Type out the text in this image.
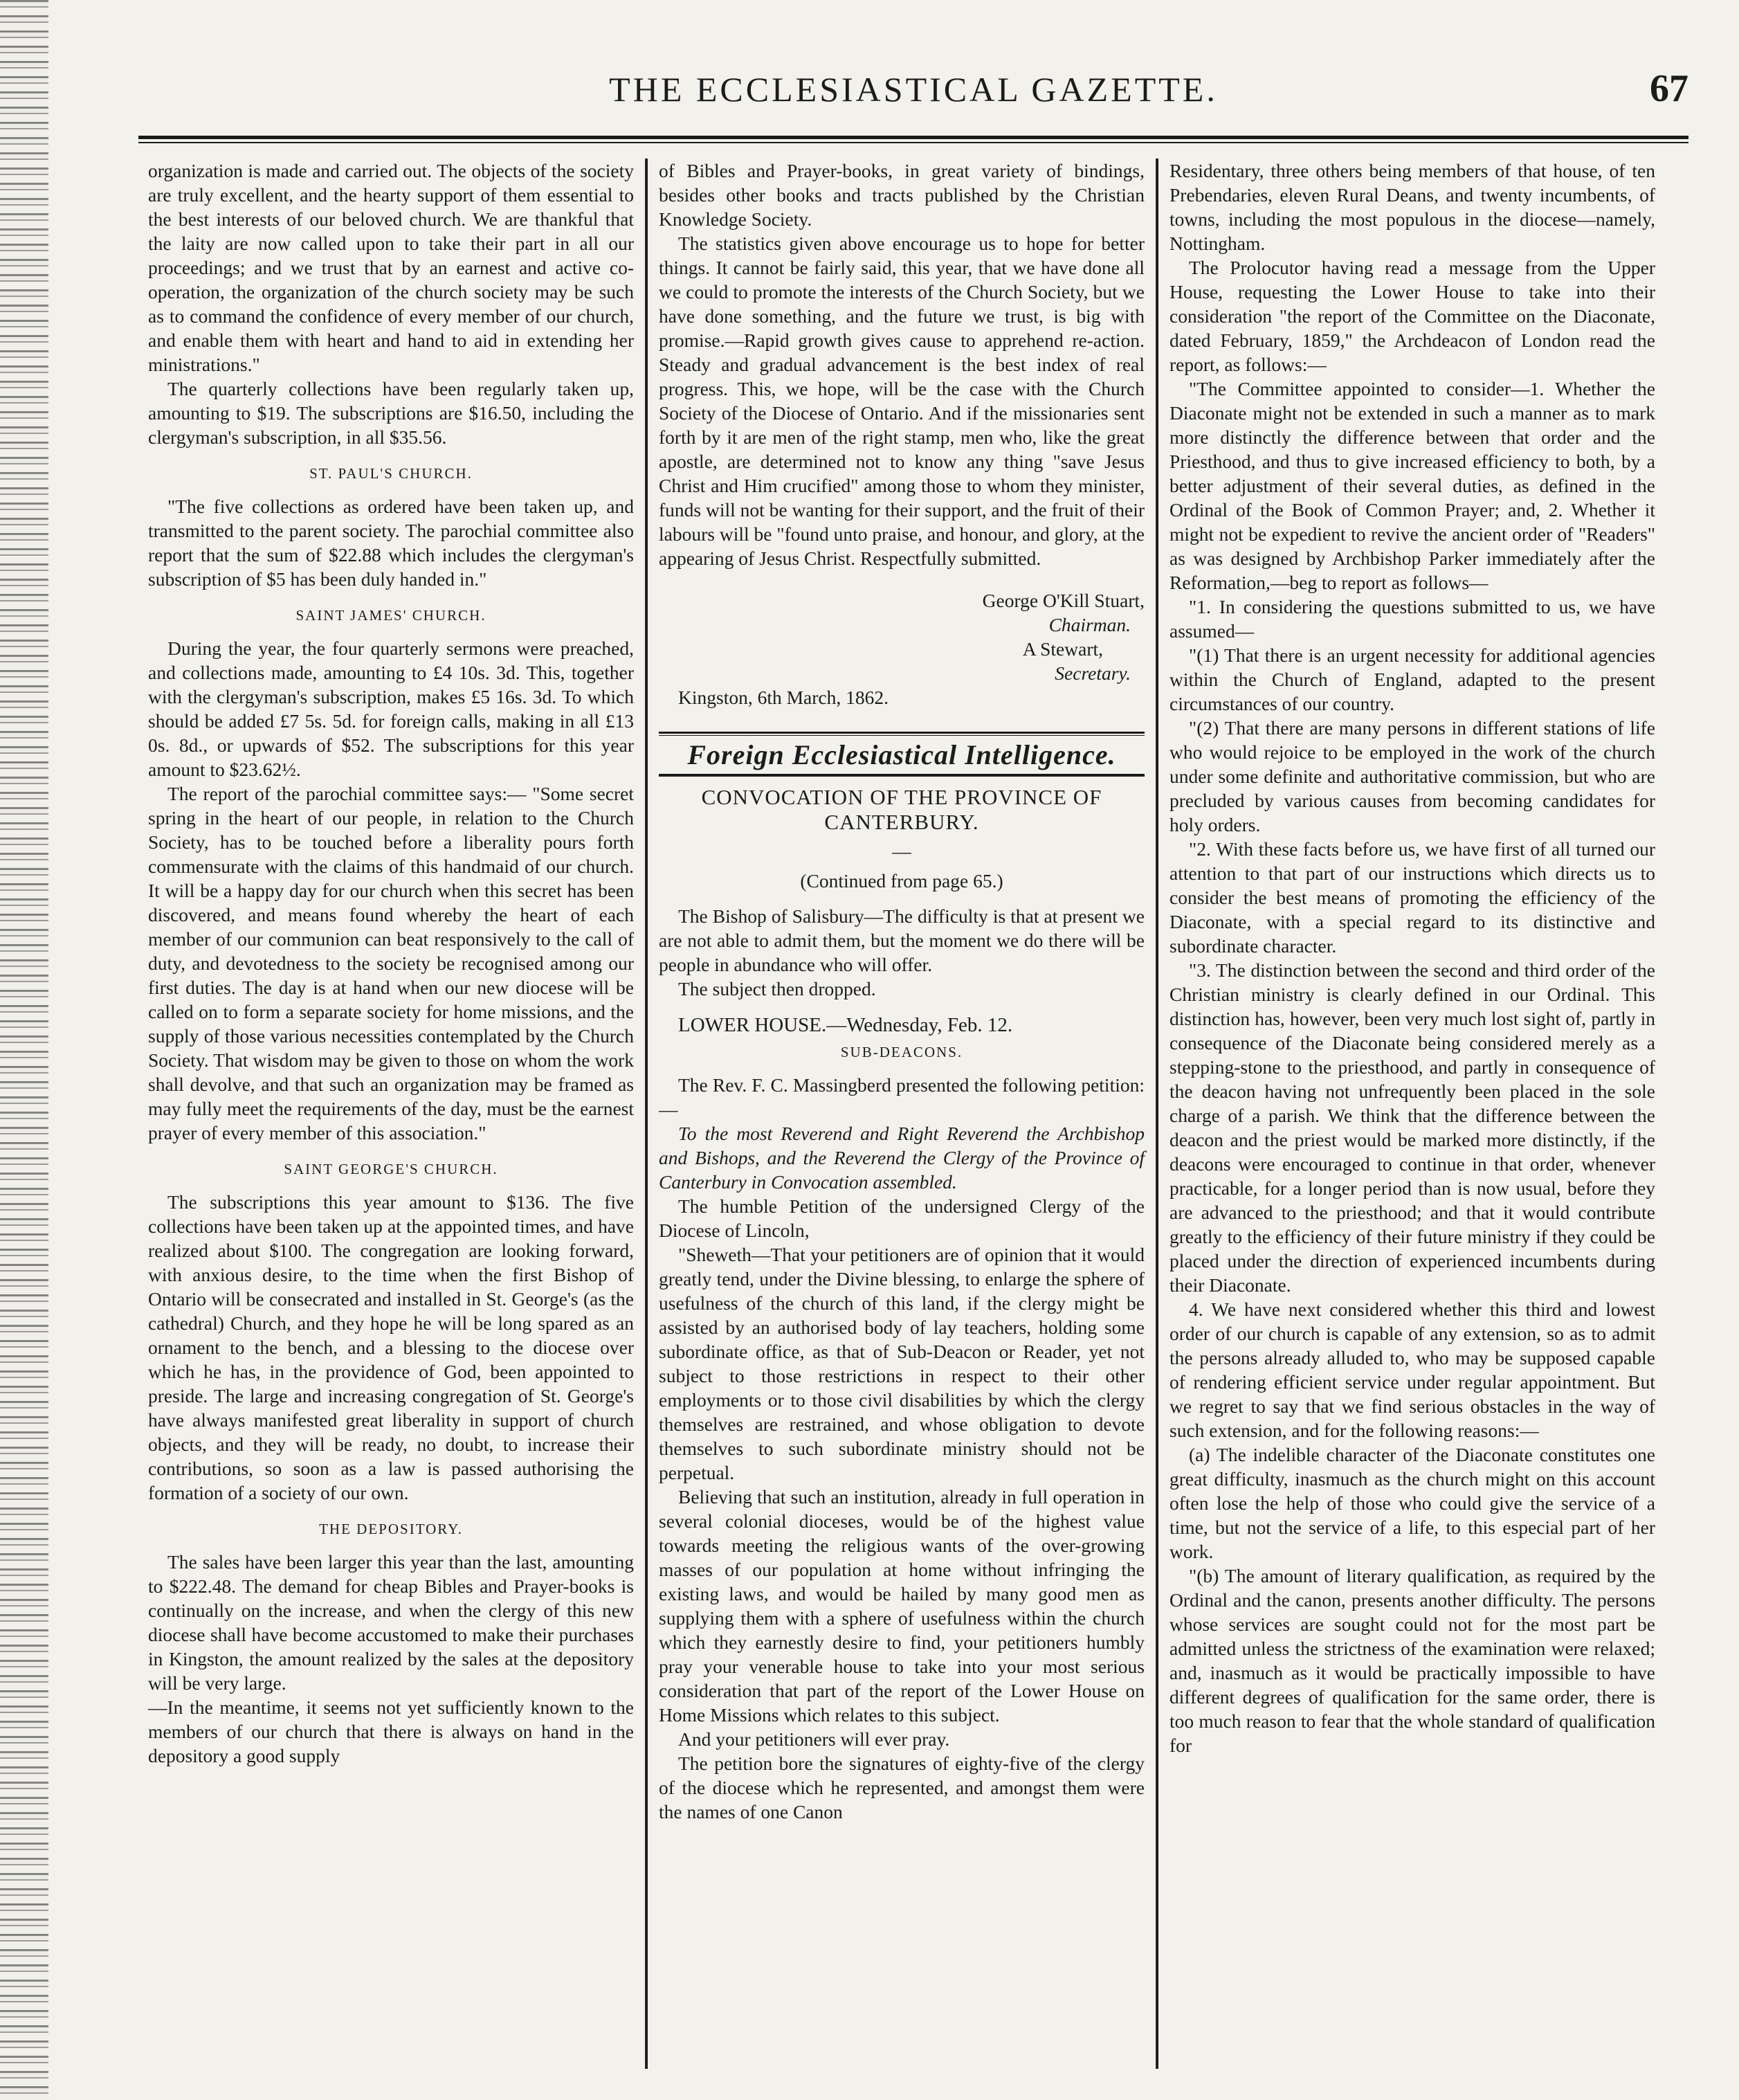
THE ECCLESIASTICAL GAZETTE.	67

organization is made and carried out. The objects of the society are truly excellent, and the hearty support of them essential to the best interests of our beloved church. We are thankful that the laity are now called upon to take their part in all our proceedings; and we trust that by an earnest and active co-operation, the organization of the church society may be such as to command the confidence of every member of our church, and enable them with heart and hand to aid in extending her ministrations."

The quarterly collections have been regularly taken up, amounting to $19. The subscriptions are $16.50, including the clergyman's subscription, in all $35.56.

ST. PAUL'S CHURCH.

"The five collections as ordered have been taken up, and transmitted to the parent society. The parochial committee also report that the sum of $22.88 which includes the clergyman's subscription of $5 has been duly handed in."

SAINT JAMES' CHURCH.

During the year, the four quarterly sermons were preached, and collections made, amounting to £4 10s. 3d. This, together with the clergyman's subscription, makes £5 16s. 3d. To which should be added £7 5s. 5d. for foreign calls, making in all £13 0s. 8d., or upwards of $52. The subscriptions for this year amount to $23.62½.

The report of the parochial committee says:— "Some secret spring in the heart of our people, in relation to the Church Society, has to be touched before a liberality pours forth commensurate with the claims of this handmaid of our church. It will be a happy day for our church when this secret has been discovered, and means found whereby the heart of each member of our communion can beat responsively to the call of duty, and devotedness to the society be recognised among our first duties. The day is at hand when our new diocese will be called on to form a separate society for home missions, and the supply of those various necessities contemplated by the Church Society. That wisdom may be given to those on whom the work shall devolve, and that such an organization may be framed as may fully meet the requirements of the day, must be the earnest prayer of every member of this association."

SAINT GEORGE'S CHURCH.

The subscriptions this year amount to $136. The five collections have been taken up at the appointed times, and have realized about $100. The congregation are looking forward, with anxious desire, to the time when the first Bishop of Ontario will be consecrated and installed in St. George's (as the cathedral) Church, and they hope he will be long spared as an ornament to the bench, and a blessing to the diocese over which he has, in the providence of God, been appointed to preside. The large and increasing congregation of St. George's have always manifested great liberality in support of church objects, and they will be ready, no doubt, to increase their contributions, so soon as a law is passed authorising the formation of a society of our own.

THE DEPOSITORY.

The sales have been larger this year than the last, amounting to $222.48. The demand for cheap Bibles and Prayer-books is continually on the increase, and when the clergy of this new diocese shall have become accustomed to make their purchases in Kingston, the amount realized by the sales at the depository will be very large.

—In the meantime, it seems not yet sufficiently known to the members of our church that there is always on hand in the depository a good supply

of Bibles and Prayer-books, in great variety of bindings, besides other books and tracts published by the Christian Knowledge Society.

The statistics given above encourage us to hope for better things. It cannot be fairly said, this year, that we have done all we could to promote the interests of the Church Society, but we have done something, and the future we trust, is big with promise.—Rapid growth gives cause to apprehend re-action. Steady and gradual advancement is the best index of real progress. This, we hope, will be the case with the Church Society of the Diocese of Ontario. And if the missionaries sent forth by it are men of the right stamp, men who, like the great apostle, are determined not to know any thing "save Jesus Christ and Him crucified" among those to whom they minister, funds will not be wanting for their support, and the fruit of their labours will be "found unto praise, and honour, and glory, at the appearing of Jesus Christ. Respectfully submitted.

George O'Kill Stuart,

Chairman.

A Stewart,

Secretary.

Kingston, 6th March, 1862.

Foreign Ecclesiastical Intelligence.
CONVOCATION OF THE PROVINCE OF CANTERBURY.
—
(Continued from page 65.)

The Bishop of Salisbury—The difficulty is that at present we are not able to admit them, but the moment we do there will be people in abundance who will offer.

The subject then dropped.

LOWER HOUSE.—Wednesday, Feb. 12.
SUB-DEACONS.

The Rev. F. C. Massingberd presented the following petition:—

To the most Reverend and Right Reverend the Archbishop and Bishops, and the Reverend the Clergy of the Province of Canterbury in Convocation assembled.

The humble Petition of the undersigned Clergy of the Diocese of Lincoln,

"Sheweth—That your petitioners are of opinion that it would greatly tend, under the Divine blessing, to enlarge the sphere of usefulness of the church of this land, if the clergy might be assisted by an authorised body of lay teachers, holding some subordinate office, as that of Sub-Deacon or Reader, yet not subject to those restrictions in respect to their other employments or to those civil disabilities by which the clergy themselves are restrained, and whose obligation to devote themselves to such subordinate ministry should not be perpetual.

Believing that such an institution, already in full operation in several colonial dioceses, would be of the highest value towards meeting the religious wants of the over-growing masses of our population at home without infringing the existing laws, and would be hailed by many good men as supplying them with a sphere of usefulness within the church which they earnestly desire to find, your petitioners humbly pray your venerable house to take into your most serious consideration that part of the report of the Lower House on Home Missions which relates to this subject.

And your petitioners will ever pray.

The petition bore the signatures of eighty-five of the clergy of the diocese which he represented, and amongst them were the names of one Canon

Residentary, three others being members of that house, of ten Prebendaries, eleven Rural Deans, and twenty incumbents, of towns, including the most populous in the diocese—namely, Nottingham.

The Prolocutor having read a message from the Upper House, requesting the Lower House to take into their consideration "the report of the Committee on the Diaconate, dated February, 1859," the Archdeacon of London read the report, as follows:—

"The Committee appointed to consider—1. Whether the Diaconate might not be extended in such a manner as to mark more distinctly the difference between that order and the Priesthood, and thus to give increased efficiency to both, by a better adjustment of their several duties, as defined in the Ordinal of the Book of Common Prayer; and, 2. Whether it might not be expedient to revive the ancient order of "Readers" as was designed by Archbishop Parker immediately after the Reformation,—beg to report as follows—

"1. In considering the questions submitted to us, we have assumed—

"(1) That there is an urgent necessity for additional agencies within the Church of England, adapted to the present circumstances of our country.

"(2) That there are many persons in different stations of life who would rejoice to be employed in the work of the church under some definite and authoritative commission, but who are precluded by various causes from becoming candidates for holy orders.

"2. With these facts before us, we have first of all turned our attention to that part of our instructions which directs us to consider the best means of promoting the efficiency of the Diaconate, with a special regard to its distinctive and subordinate character.

"3. The distinction between the second and third order of the Christian ministry is clearly defined in our Ordinal. This distinction has, however, been very much lost sight of, partly in consequence of the Diaconate being considered merely as a stepping-stone to the priesthood, and partly in consequence of the deacon having not unfrequently been placed in the sole charge of a parish. We think that the difference between the deacon and the priest would be marked more distinctly, if the deacons were encouraged to continue in that order, whenever practicable, for a longer period than is now usual, before they are advanced to the priesthood; and that it would contribute greatly to the efficiency of their future ministry if they could be placed under the direction of experienced incumbents during their Diaconate.

4. We have next considered whether this third and lowest order of our church is capable of any extension, so as to admit the persons already alluded to, who may be supposed capable of rendering efficient service under regular appointment. But we regret to say that we find serious obstacles in the way of such extension, and for the following reasons:—

(a) The indelible character of the Diaconate constitutes one great difficulty, inasmuch as the church might on this account often lose the help of those who could give the service of a time, but not the service of a life, to this especial part of her work.

"(b) The amount of literary qualification, as required by the Ordinal and the canon, presents another difficulty. The persons whose services are sought could not for the most part be admitted unless the strictness of the examination were relaxed; and, inasmuch as it would be practically impossible to have different degrees of qualification for the same order, there is too much reason to fear that the whole standard of qualification for
